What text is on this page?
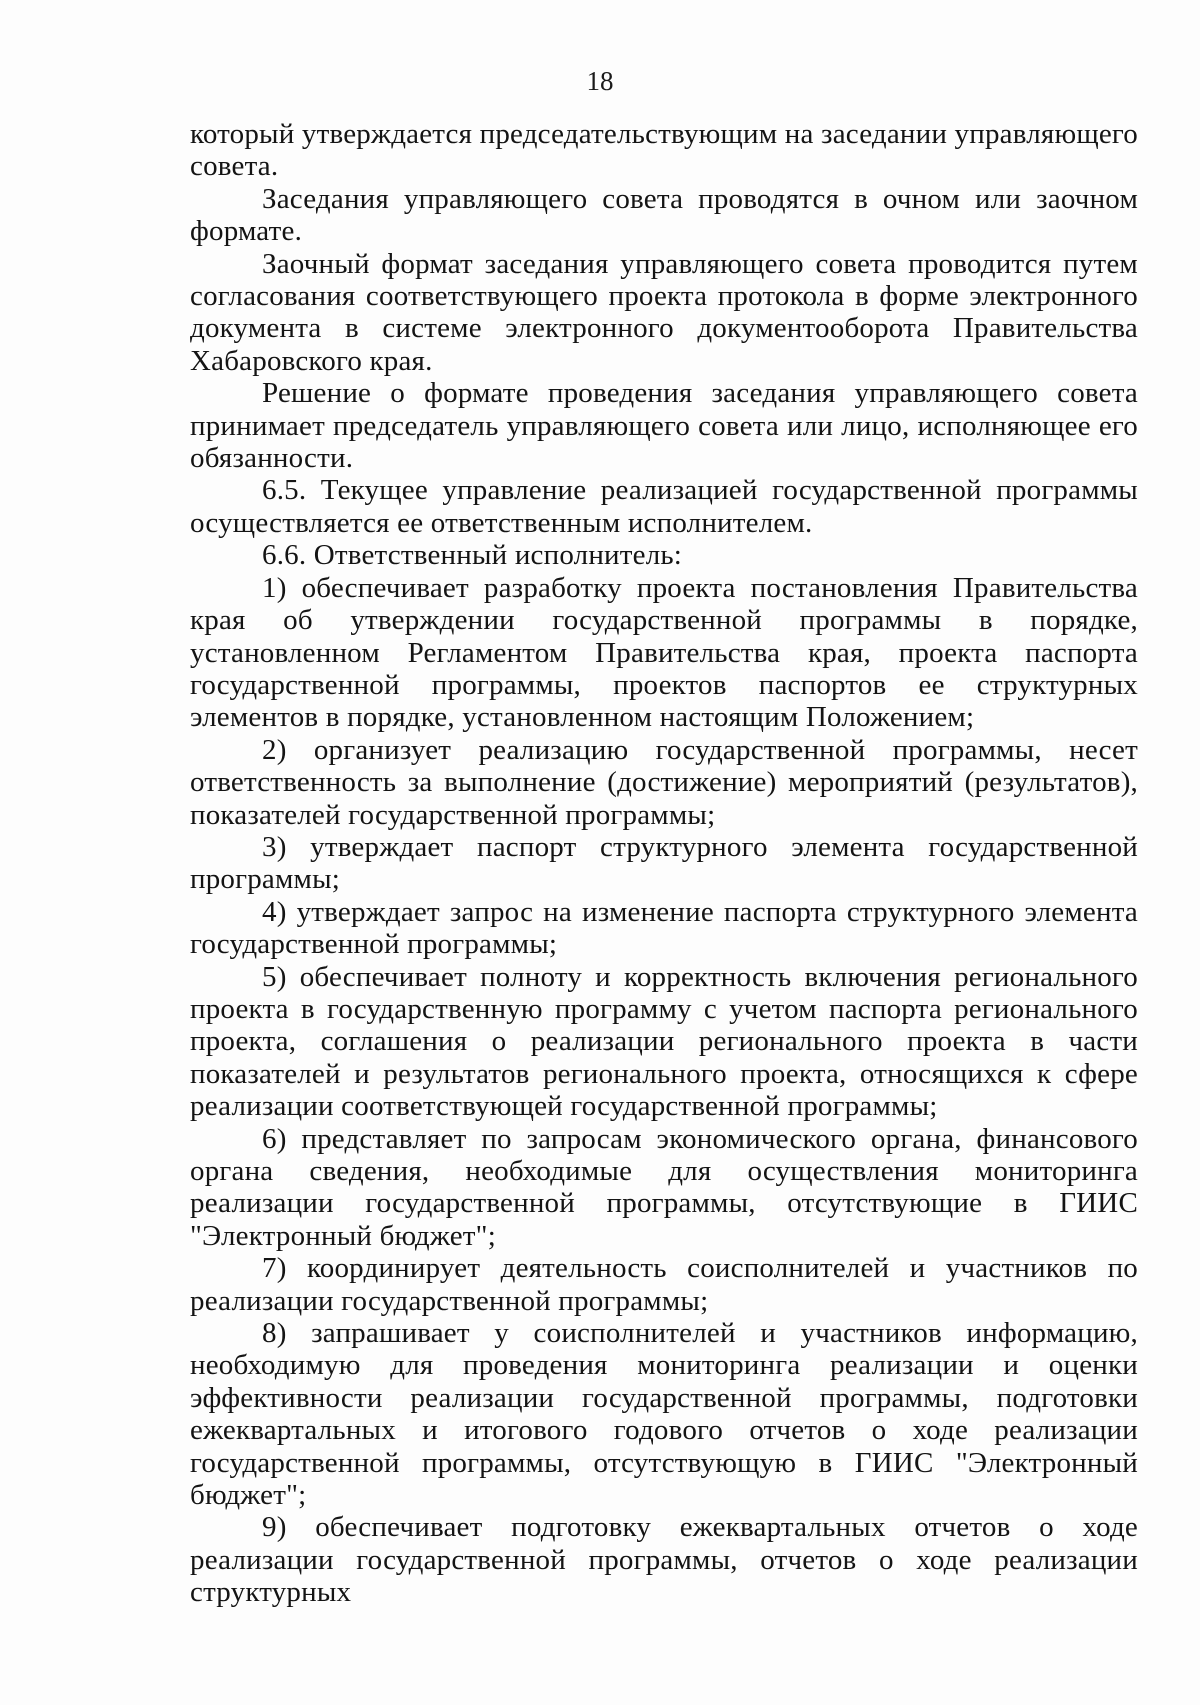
18

который утверждается председательствующим на заседании управляющего совета.

Заседания управляющего совета проводятся в очном или заочном формате.

Заочный формат заседания управляющего совета проводится путем согласования соответствующего проекта протокола в форме электронного документа в системе электронного документооборота Правительства Хабаровского края.

Решение о формате проведения заседания управляющего совета принимает председатель управляющего совета или лицо, исполняющее его обязанности.

6.5. Текущее управление реализацией государственной программы осуществляется ее ответственным исполнителем.

6.6. Ответственный исполнитель:

1) обеспечивает разработку проекта постановления Правительства края об утверждении государственной программы в порядке, установленном Регламентом Правительства края, проекта паспорта государственной программы, проектов паспортов ее структурных элементов в порядке, установленном настоящим Положением;

2) организует реализацию государственной программы, несет ответственность за выполнение (достижение) мероприятий (результатов), показателей государственной программы;

3) утверждает паспорт структурного элемента государственной программы;

4) утверждает запрос на изменение паспорта структурного элемента государственной программы;

5) обеспечивает полноту и корректность включения регионального проекта в государственную программу с учетом паспорта регионального проекта, соглашения о реализации регионального проекта в части показателей и результатов регионального проекта, относящихся к сфере реализации соответствующей государственной программы;

6) представляет по запросам экономического органа, финансового органа сведения, необходимые для осуществления мониторинга реализации государственной программы, отсутствующие в ГИИС "Электронный бюджет";

7) координирует деятельность соисполнителей и участников по реализации государственной программы;

8) запрашивает у соисполнителей и участников информацию, необходимую для проведения мониторинга реализации и оценки эффективности реализации государственной программы, подготовки ежеквартальных и итогового годового отчетов о ходе реализации государственной программы, отсутствующую в ГИИС "Электронный бюджет";

9) обеспечивает подготовку ежеквартальных отчетов о ходе реализации государственной программы, отчетов о ходе реализации структурных
